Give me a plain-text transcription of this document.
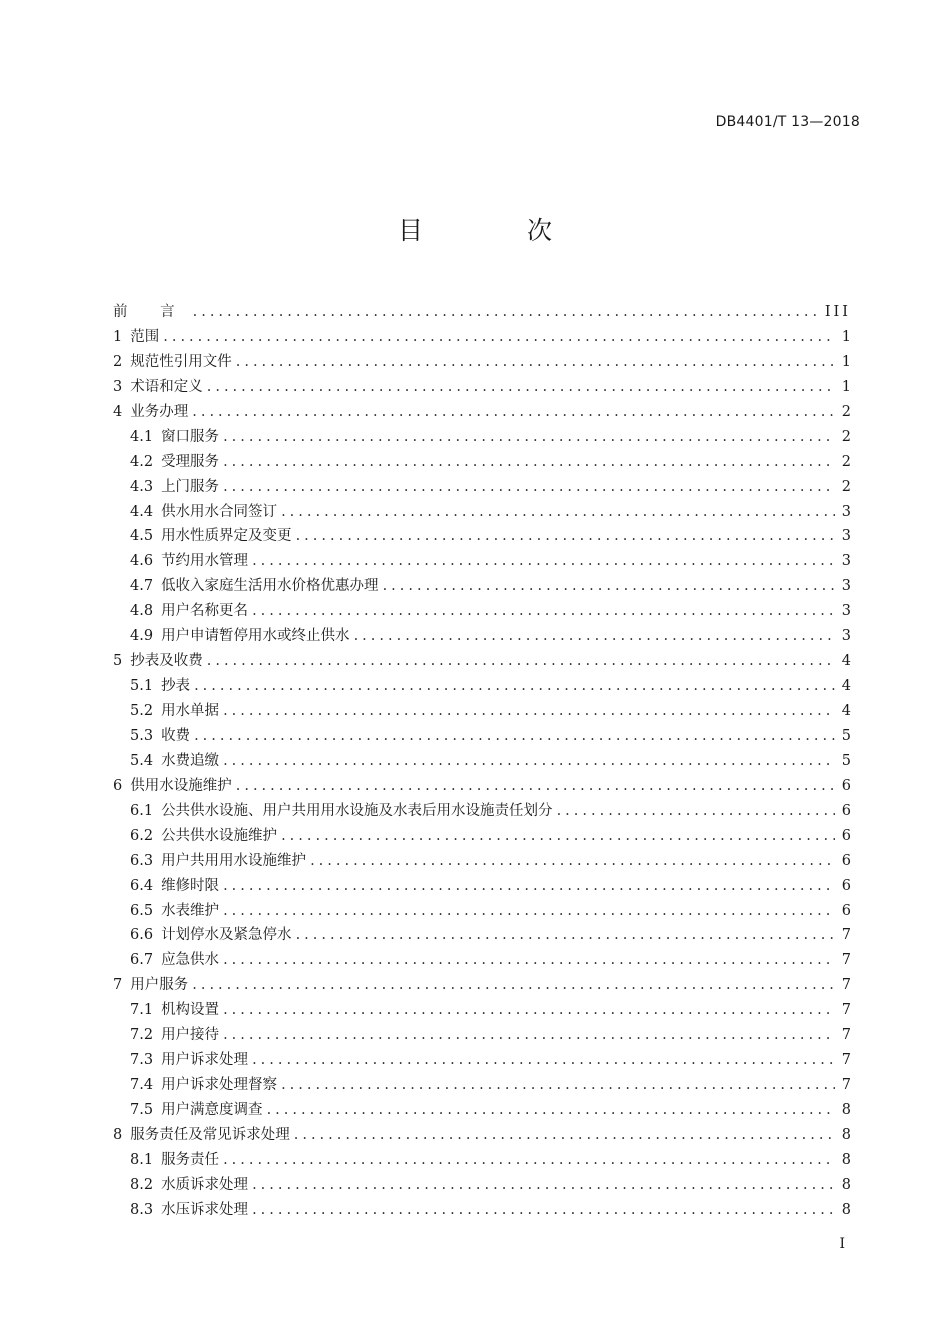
DB4401/T 13—2018
目 次
前 言 .....	III
1 范围 .....	1
2 规范性引用文件 .....	1
3 术语和定义 .....	1
4 业务办理 .....	2
4.1 窗口服务 .....	2
4.2 受理服务 .....	2
4.3 上门服务 .....	2
4.4 供水用水合同签订 .....	3
4.5 用水性质界定及变更 .....	3
4.6 节约用水管理 .....	3
4.7 低收入家庭生活用水价格优惠办理 .....	3
4.8 用户名称更名 .....	3
4.9 用户申请暂停用水或终止供水 .....	3
5 抄表及收费 .....	4
5.1 抄表 .....	4
5.2 用水单据 .....	4
5.3 收费 .....	5
5.4 水费追缴 .....	5
6 供用水设施维护 .....	6
6.1 公共供水设施、用户共用用水设施及水表后用水设施责任划分 .....	6
6.2 公共供水设施维护 .....	6
6.3 用户共用用水设施维护 .....	6
6.4 维修时限 .....	6
6.5 水表维护 .....	6
6.6 计划停水及紧急停水 .....	7
6.7 应急供水 .....	7
7 用户服务 .....	7
7.1 机构设置 .....	7
7.2 用户接待 .....	7
7.3 用户诉求处理 .....	7
7.4 用户诉求处理督察 .....	7
7.5 用户满意度调查 .....	8
8 服务责任及常见诉求处理 .....	8
8.1 服务责任 .....	8
8.2 水质诉求处理 .....	8
8.3 水压诉求处理 .....	8
I
